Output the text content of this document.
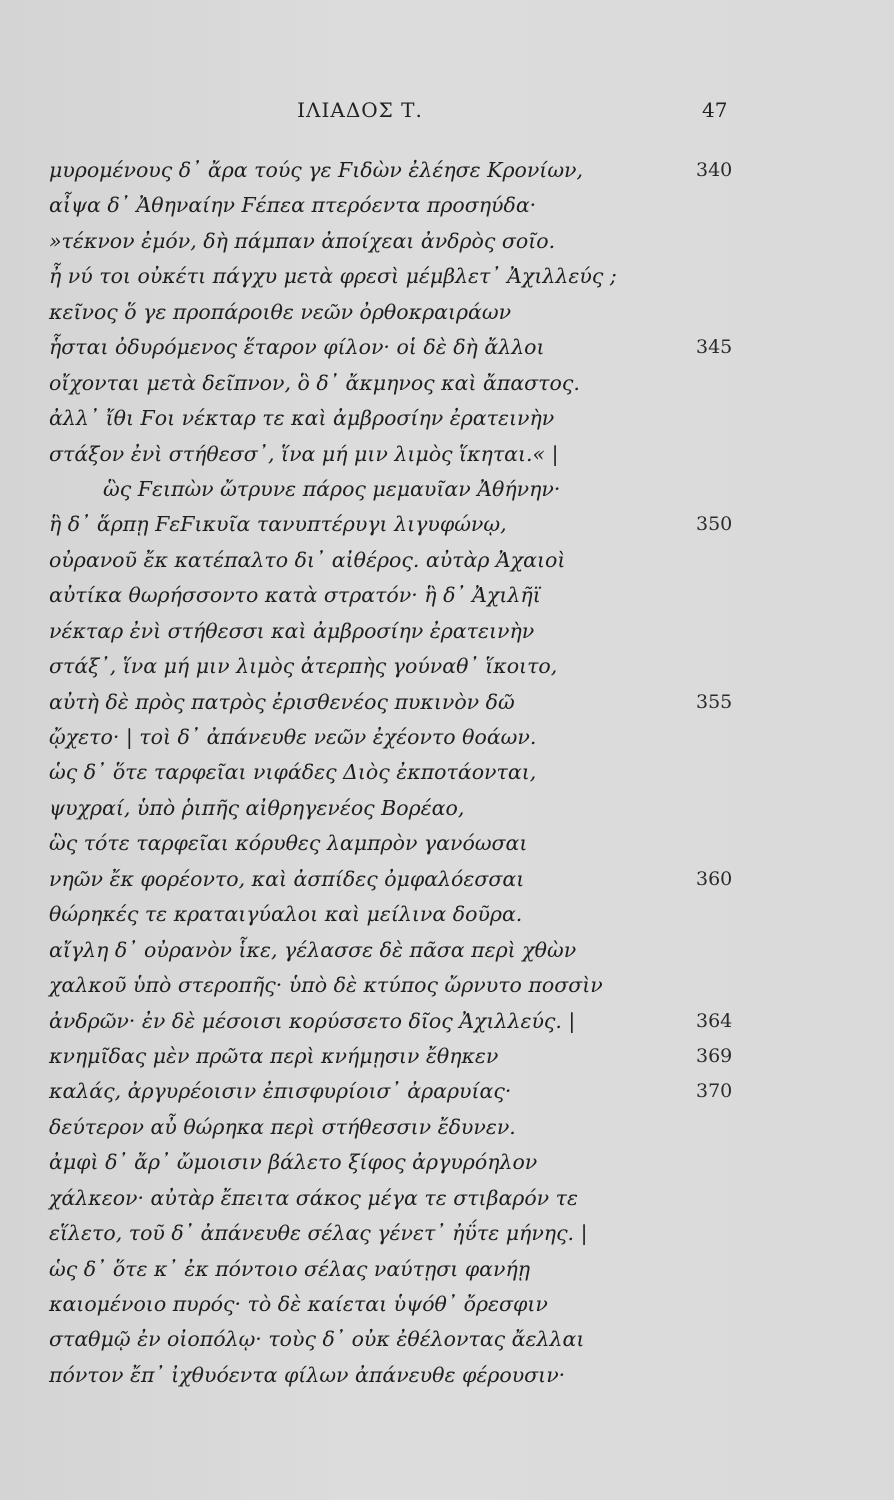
ΙΛΙΑΔΟΣ Τ.	47
μυρομένους δ᾽ ἄρα τούς γε Ϝιδὼν ἐλέησε Κρονίων,	340
αἶψα δ᾽ Ἀθηναίην Ϝέπεα πτερόεντα προσηύδα·
»τέκνον ἐμόν, δὴ πάμπαν ἀποίχεαι ἀνδρὸς σοῖο.
ἦ νύ τοι οὐκέτι πάγχυ μετὰ φρεσὶ μέμβλετ᾽ Ἀχιλλεύς ;
κεῖνος ὅ γε προπάροιθε νεῶν ὀρθοκραιράων
ἧσται ὀδυρόμενος ἕταρον φίλον· οἱ δὲ δὴ ἄλλοι	345
οἴχονται μετὰ δεῖπνον, ὃ δ᾽ ἄκμηνος καὶ ἄπαστος.
ἀλλ᾽ ἴθι Ϝοι νέκταρ τε καὶ ἀμβροσίην ἐρατεινὴν
στάξον ἐνὶ στήθεσσ᾽, ἵνα μή μιν λιμὸς ἵκηται.« |
ὣς Ϝειπὼν ὤτρυνε πάρος μεμαυῖαν Ἀθήνην·
ἣ δ᾽ ἅρπῃ ϜεϜικυῖα τανυπτέρυγι λιγυφώνῳ,	350
οὐρανοῦ ἔκ κατέπαλτο δι᾽ αἰθέρος. αὐτὰρ Ἀχαιοὶ
αὐτίκα θωρήσσοντο κατὰ στρατόν· ἣ δ᾽ Ἀχιλῆϊ
νέκταρ ἐνὶ στήθεσσι καὶ ἀμβροσίην ἐρατεινὴν
στάξ᾽, ἵνα μή μιν λιμὸς ἀτερπὴς γούναθ᾽ ἵκοιτο,
αὐτὴ δὲ πρὸς πατρὸς ἐρισθενέος πυκινὸν δῶ	355
ᾤχετο· | τοὶ δ᾽ ἀπάνευθε νεῶν ἐχέοντο θοάων.
ὡς δ᾽ ὅτε ταρφεῖαι νιφάδες Διὸς ἐκποτάονται,
ψυχραί, ὑπὸ ῥιπῆς αἰθρηγενέος Βορέαο,
ὣς τότε ταρφεῖαι κόρυθες λαμπρὸν γανόωσαι
νηῶν ἔκ φορέοντο, καὶ ἀσπίδες ὀμφαλόεσσαι	360
θώρηκές τε κραταιγύαλοι καὶ μείλινα δοῦρα.
αἴγλη δ᾽ οὐρανὸν ἷκε, γέλασσε δὲ πᾶσα περὶ χθὼν
χαλκοῦ ὑπὸ στεροπῆς· ὑπὸ δὲ κτύπος ὤρνυτο ποσσὶν
ἀνδρῶν· ἐν δὲ μέσοισι κορύσσετο δῖος Ἀχιλλεύς. |	364
κνημῖδας μὲν πρῶτα περὶ κνήμῃσιν ἔθηκεν	369
καλάς, ἀργυρέοισιν ἐπισφυρίοισ᾽ ἀραρυίας·	370
δεύτερον αὖ θώρηκα περὶ στήθεσσιν ἔδυνεν.
ἀμφὶ δ᾽ ἄρ᾽ ὤμοισιν βάλετο ξίφος ἀργυρόηλον
χάλκεον· αὐτὰρ ἔπειτα σάκος μέγα τε στιβαρόν τε
εἵλετο, τοῦ δ᾽ ἀπάνευθε σέλας γένετ᾽ ἠΰτε μήνης. |
ὡς δ᾽ ὅτε κ᾽ ἐκ πόντοιο σέλας ναύτῃσι φανήῃ
καιομένοιο πυρός· τὸ δὲ καίεται ὑψόθ᾽ ὄρεσφιν
σταθμῷ ἐν οἰοπόλῳ· τοὺς δ᾽ οὐκ ἐθέλοντας ἄελλαι
πόντον ἔπ᾽ ἰχθυόεντα φίλων ἀπάνευθε φέρουσιν·
